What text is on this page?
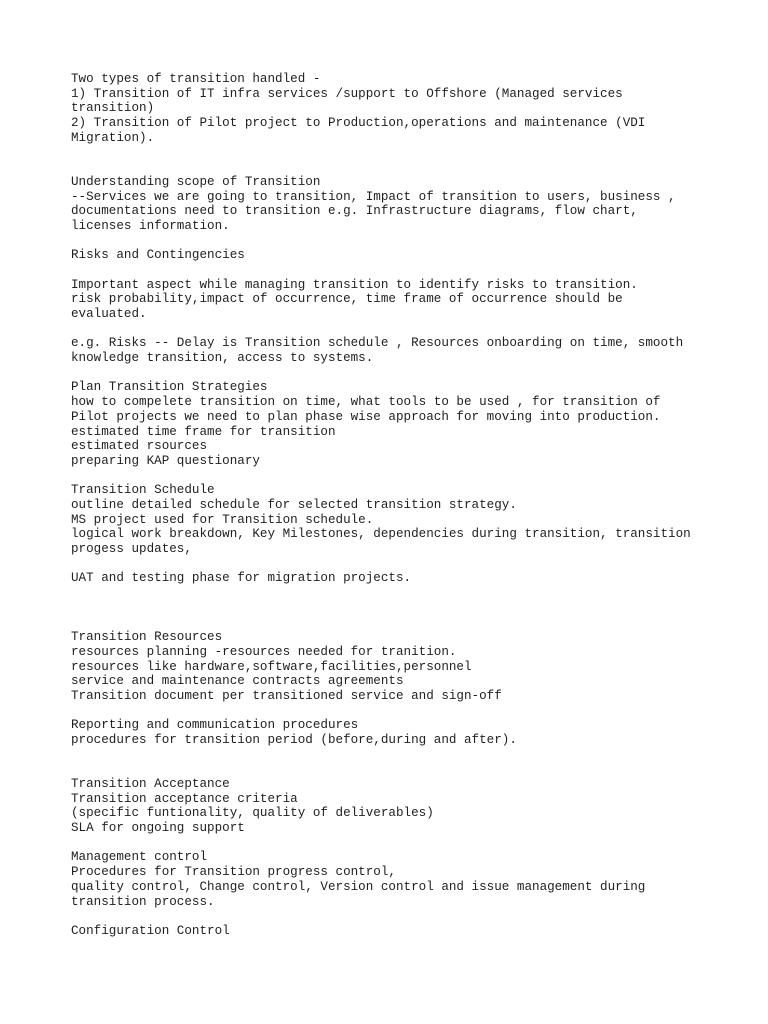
Two types of transition handled -
1) Transition of IT infra services /support to Offshore (Managed services
transition)
2) Transition of Pilot project to Production,operations and maintenance (VDI
Migration).
Understanding scope of Transition
--Services we are going to transition, Impact of transition to users, business ,
documentations need to transition e.g. Infrastructure diagrams, flow chart,
licenses information.
Risks and Contingencies
Important aspect while managing transition to identify risks to transition.
risk probability,impact of occurrence, time frame of occurrence should be
evaluated.
e.g. Risks -- Delay is Transition schedule , Resources onboarding on time, smooth
knowledge transition, access to systems.
Plan Transition Strategies
how to compelete transition on time, what tools to be used , for transition of
Pilot projects we need to plan phase wise approach for moving into production.
estimated time frame for transition
estimated rsources
preparing KAP questionary
Transition Schedule
outline detailed schedule for selected transition strategy.
MS project used for Transition schedule.
logical work breakdown, Key Milestones, dependencies during transition, transition
progess updates,
UAT and testing phase for migration projects.
Transition Resources
resources planning -resources needed for tranition.
resources like hardware,software,facilities,personnel
service and maintenance contracts agreements
Transition document per transitioned service and sign-off
Reporting and communication procedures
procedures for transition period (before,during and after).
Transition Acceptance
Transition acceptance criteria
(specific funtionality, quality of deliverables)
SLA for ongoing support
Management control
Procedures for Transition progress control,
quality control, Change control, Version control and issue management during
transition process.
Configuration Control
